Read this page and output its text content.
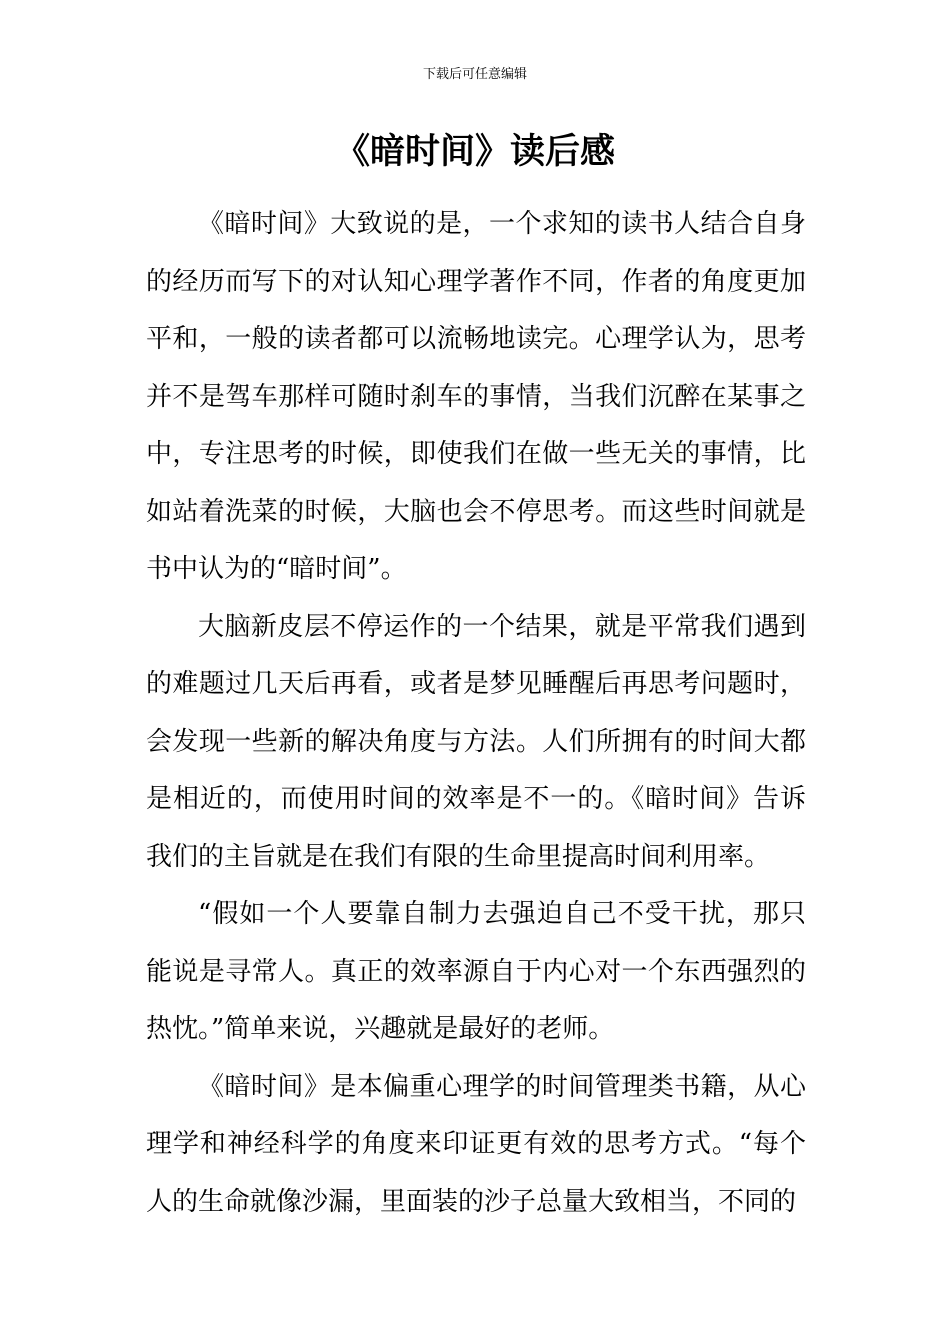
下载后可任意编辑
《暗时间》读后感

《暗时间》大致说的是，一个求知的读书人结合自身的经历而写下的对认知心理学著作不同，作者的角度更加平和，一般的读者都可以流畅地读完。心理学认为，思考并不是驾车那样可随时刹车的事情，当我们沉醉在某事之中，专注思考的时候，即使我们在做一些无关的事情，比如站着洗菜的时候，大脑也会不停思考。而这些时间就是书中认为的“暗时间”。

大脑新皮层不停运作的一个结果，就是平常我们遇到的难题过几天后再看，或者是梦见睡醒后再思考问题时，会发现一些新的解决角度与方法。人们所拥有的时间大都是相近的，而使用时间的效率是不一的。《暗时间》告诉我们的主旨就是在我们有限的生命里提高时间利用率。

“假如一个人要靠自制力去强迫自己不受干扰，那只能说是寻常人。真正的效率源自于内心对一个东西强烈的热忱。”简单来说，兴趣就是最好的老师。

《暗时间》是本偏重心理学的时间管理类书籍，从心理学和神经科学的角度来印证更有效的思考方式。“每个人的生命就像沙漏，里面装的沙子总量大致相当，不同的
